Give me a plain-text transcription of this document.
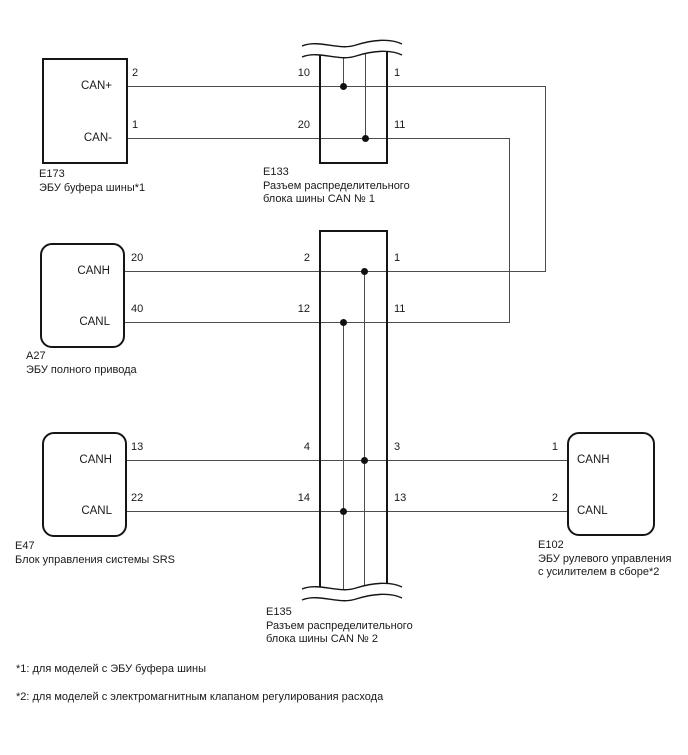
CAN+
CAN-
CANH
CANL
CANH
CANL
CANH
CANL
2
1
10	1
20	11
20
40
2	1
12	11
4	3
14	13
13
22
1
2
E173
ЭБУ буфера шины*1
E133
Разъем распределительного
блока шины CAN № 1
A27
ЭБУ полного привода
E47
Блок управления системы SRS
E102
ЭБУ рулевого управления
с усилителем в сборе*2
E135
Разъем распределительного
блока шины CAN № 2
*1: для моделей с ЭБУ буфера шины
*2: для моделей с электромагнитным клапаном регулирования расхода
